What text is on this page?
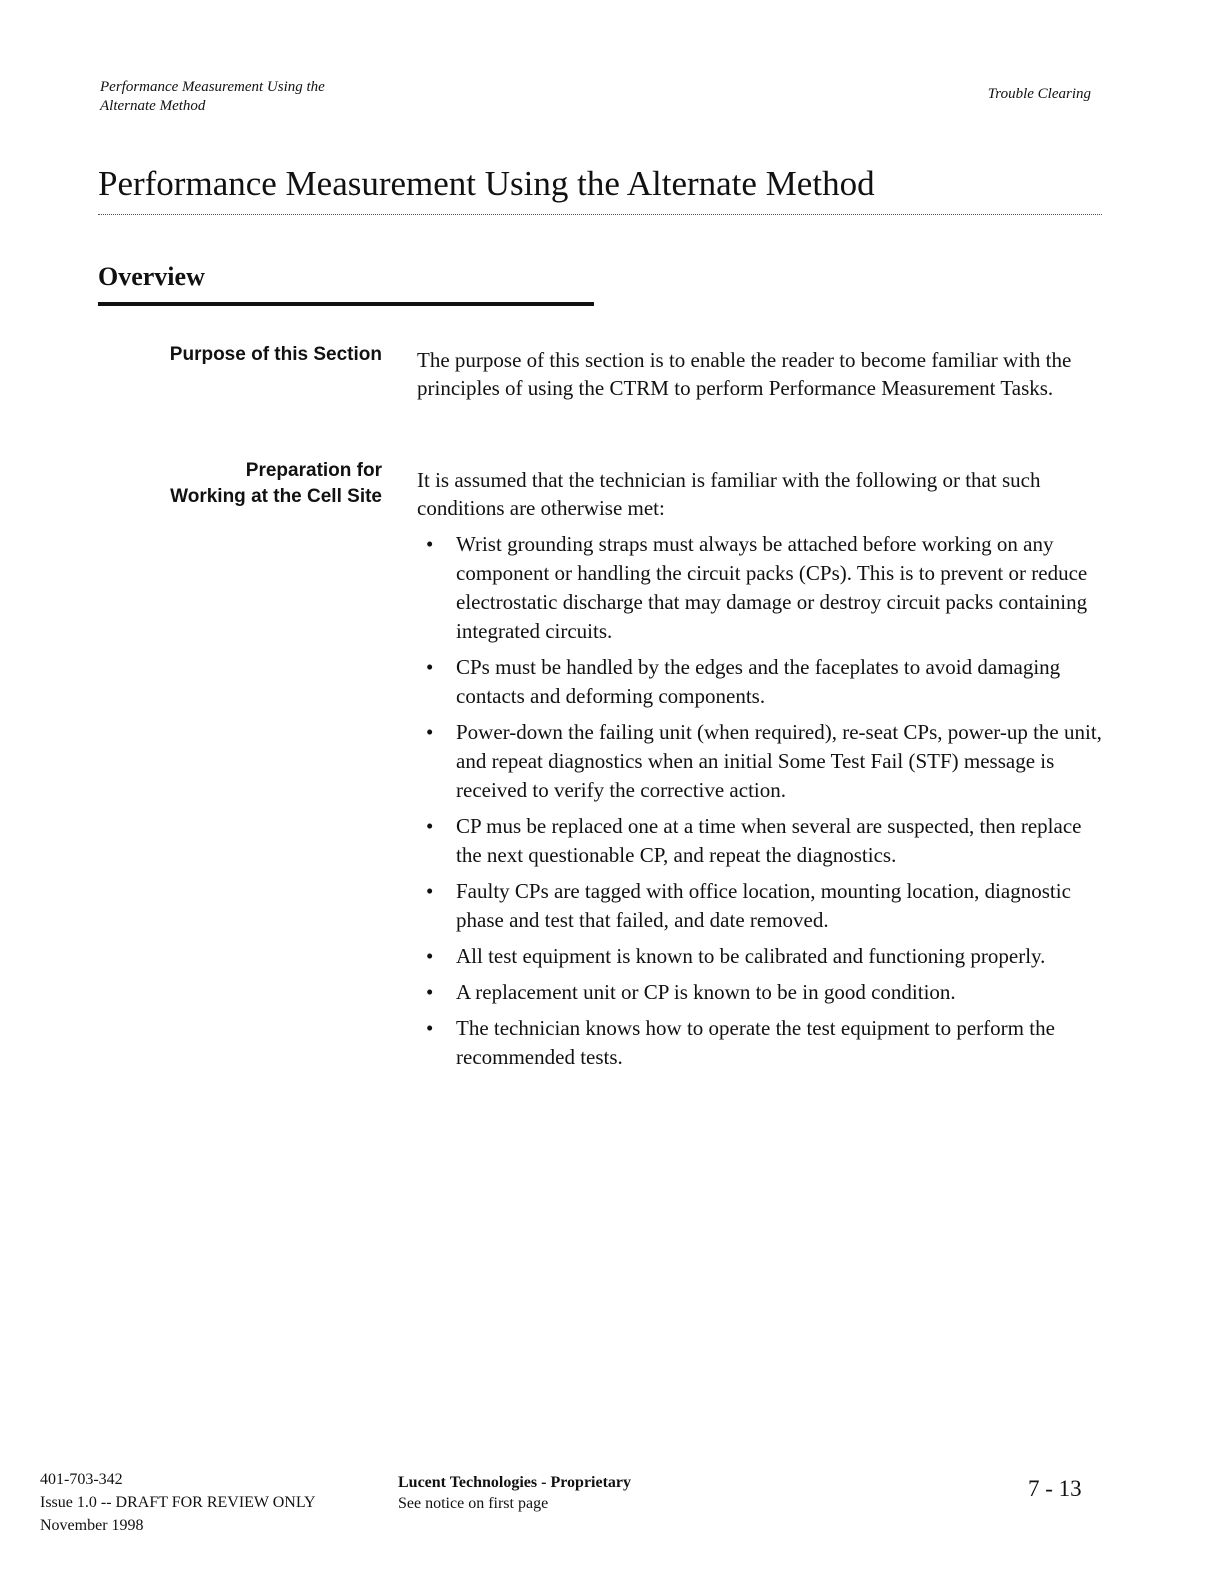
Performance Measurement Using the
Alternate Method
Trouble Clearing
Performance Measurement Using the Alternate Method
Overview
Purpose of this Section The purpose of this section is to enable the reader to become familiar with the principles of using the CTRM to perform Performance Measurement Tasks.
Preparation for
Working at the Cell Site
It is assumed that the technician is familiar with the following or that such conditions are otherwise met:
• Wrist grounding straps must always be attached before working on any component or handling the circuit packs (CPs). This is to prevent or reduce electrostatic discharge that may damage or destroy circuit packs containing integrated circuits.
• CPs must be handled by the edges and the faceplates to avoid damaging contacts and deforming components.
• Power-down the failing unit (when required), re-seat CPs, power-up the unit, and repeat diagnostics when an initial Some Test Fail (STF) message is received to verify the corrective action.
• CP mus be replaced one at a time when several are suspected, then replace the next questionable CP, and repeat the diagnostics.
• Faulty CPs are tagged with office location, mounting location, diagnostic phase and test that failed, and date removed.
• All test equipment is known to be calibrated and functioning properly.
• A replacement unit or CP is known to be in good condition.
• The technician knows how to operate the test equipment to perform the recommended tests.
401-703-342
Issue 1.0 -- DRAFT FOR REVIEW ONLY
November 1998
Lucent Technologies - Proprietary
See notice on first page
7 - 13
